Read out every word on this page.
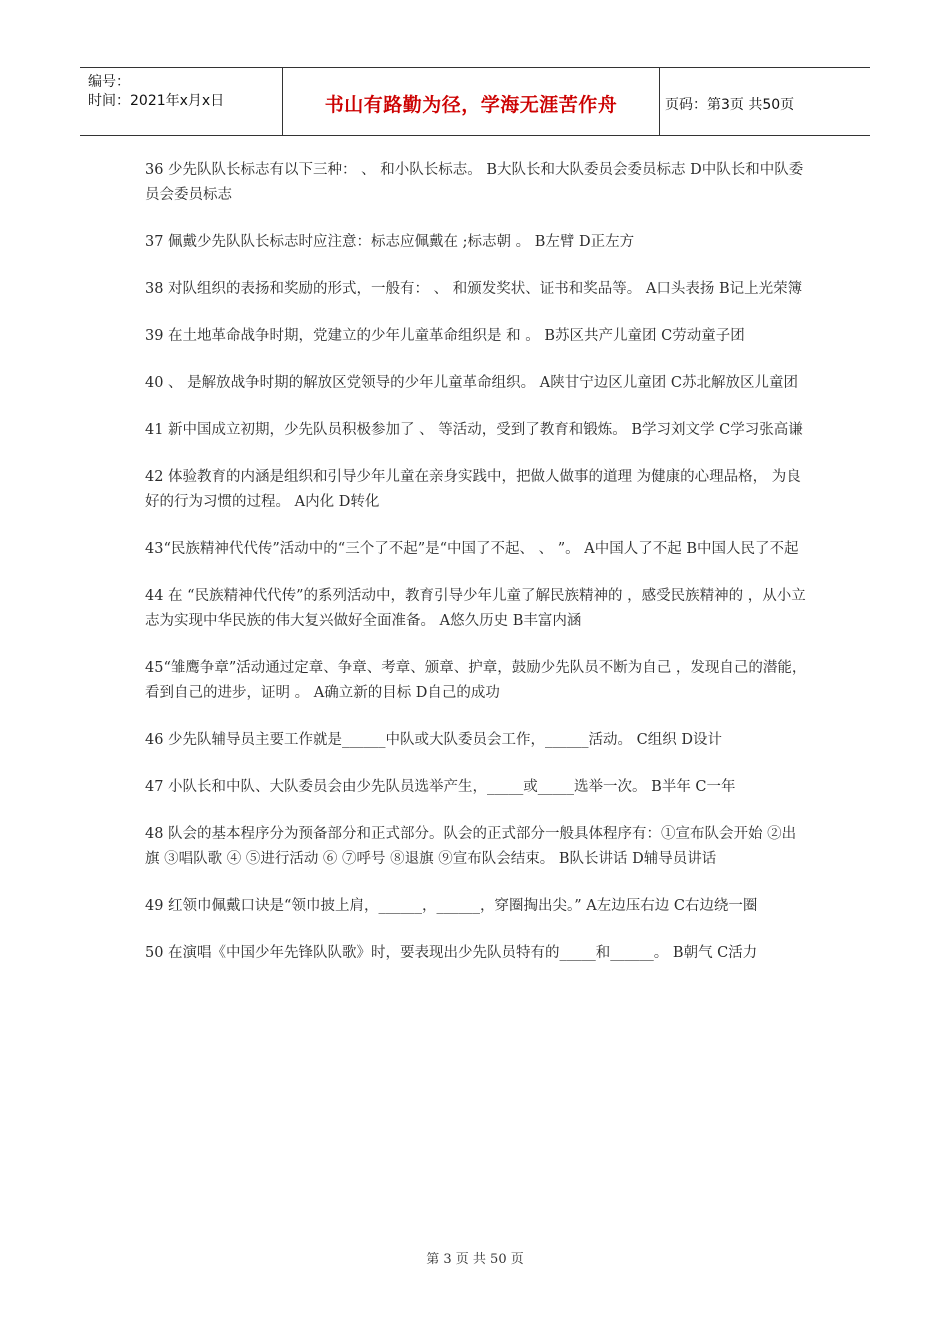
编号：
时间：2021年x月x日	书山有路勤为径，学海无涯苦作舟	页码：第3页 共50页

36 少先队队长标志有以下三种： 、 和小队长标志。 B大队长和大队委员会委员标志 D中队长和中队委员会委员标志

37 佩戴少先队队长标志时应注意：标志应佩戴在 ;标志朝 。 B左臂 D正左方

38 对队组织的表扬和奖励的形式，一般有： 、 和颁发奖状、证书和奖品等。 A口头表扬 B记上光荣簿

39 在土地革命战争时期，党建立的少年儿童革命组织是 和 。 B苏区共产儿童团 C劳动童子团

40 、 是解放战争时期的解放区党领导的少年儿童革命组织。 A陕甘宁边区儿童团 C苏北解放区儿童团

41 新中国成立初期，少先队员积极参加了 、 等活动，受到了教育和锻炼。 B学习刘文学 C学习张高谦

42 体验教育的内涵是组织和引导少年儿童在亲身实践中，把做人做事的道理 为健康的心理品格， 为良好的行为习惯的过程。 A内化 D转化

43“民族精神代代传”活动中的“三个了不起”是“中国了不起、 、 ”。 A中国人了不起 B中国人民了不起

44 在 “民族精神代代传”的系列活动中，教育引导少年儿童了解民族精神的 ，感受民族精神的 ，从小立志为实现中华民族的伟大复兴做好全面准备。 A悠久历史 B丰富内涵

45“雏鹰争章”活动通过定章、争章、考章、颁章、护章，鼓励少先队员不断为自己 ，发现自己的潜能，看到自己的进步，证明 。 A确立新的目标 D自己的成功

46 少先队辅导员主要工作就是______中队或大队委员会工作，______活动。 C组织 D设计

47 小队长和中队、大队委员会由少先队员选举产生，_____或_____选举一次。 B半年 C一年

48 队会的基本程序分为预备部分和正式部分。队会的正式部分一般具体程序有：①宣布队会开始 ②出旗 ③唱队歌 ④ ⑤进行活动 ⑥ ⑦呼号 ⑧退旗 ⑨宣布队会结束。 B队长讲话 D辅导员讲话

49 红领巾佩戴口诀是“领巾披上肩，______，______，穿圈掏出尖。” A左边压右边 C右边绕一圈

50 在演唱《中国少年先锋队队歌》时，要表现出少先队员特有的_____和______。 B朝气 C活力

第 3 页 共 50 页
